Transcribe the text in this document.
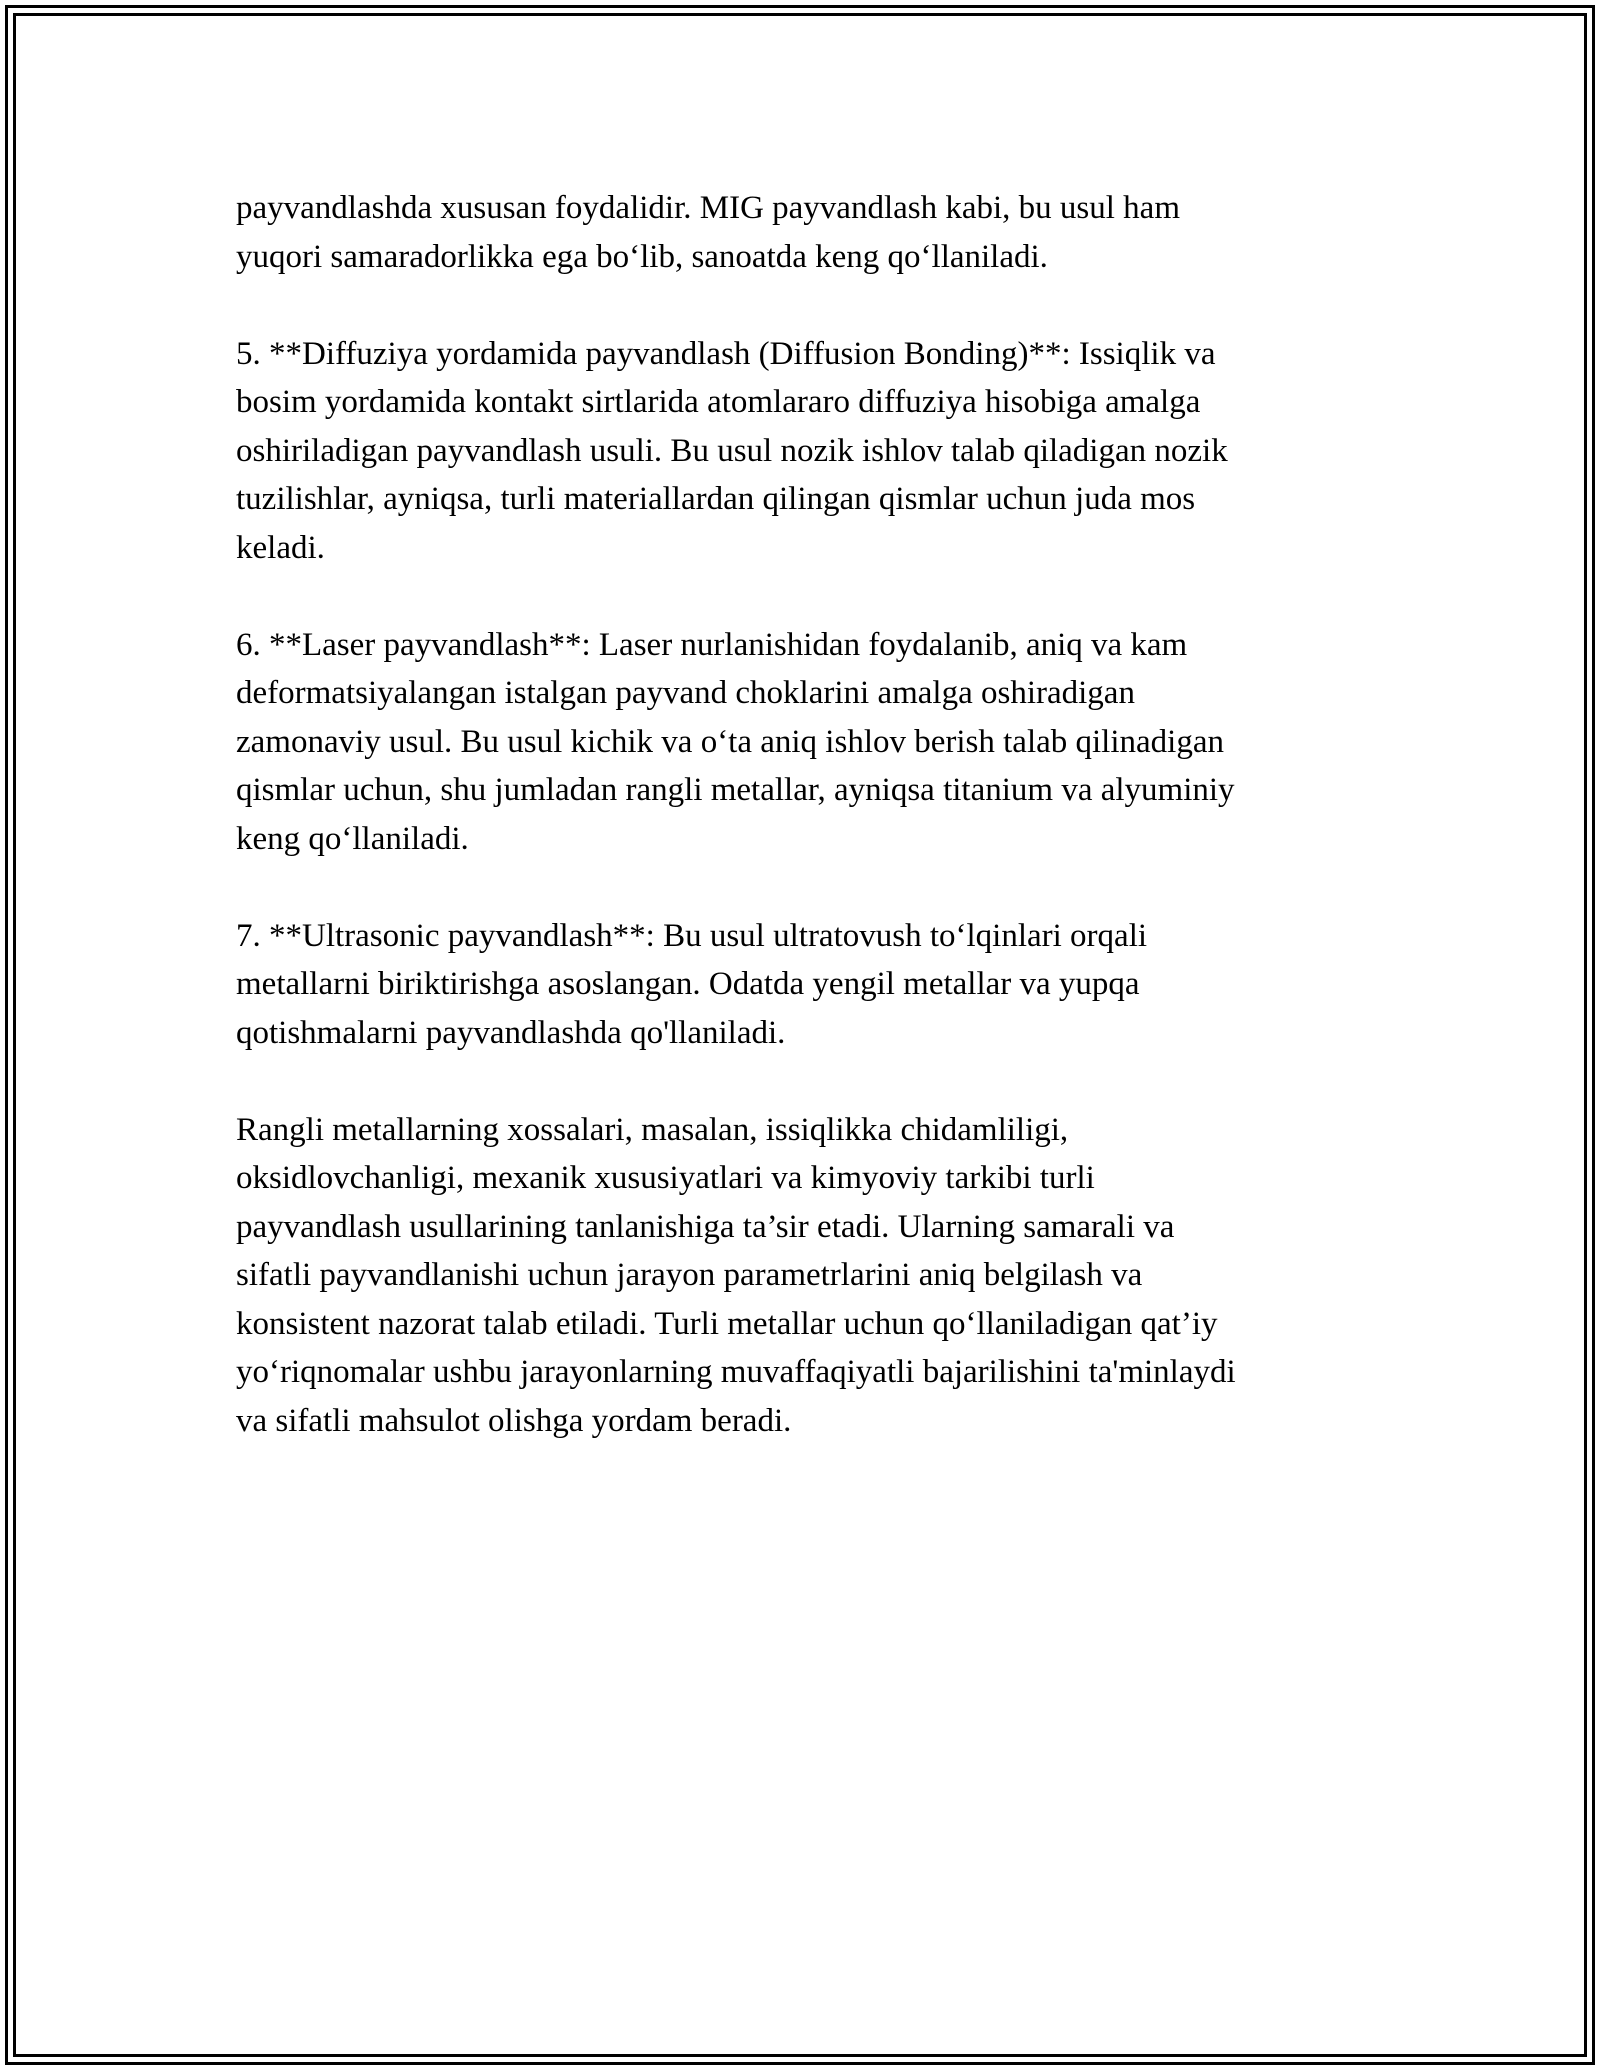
payvandlashda xususan foydalidir. MIG payvandlash kabi, bu usul ham
yuqori samaradorlikka ega bo‘lib, sanoatda keng qo‘llaniladi.

5. **Diffuziya yordamida payvandlash (Diffusion Bonding)**: Issiqlik va
bosim yordamida kontakt sirtlarida atomlararo diffuziya hisobiga amalga
oshiriladigan payvandlash usuli. Bu usul nozik ishlov talab qiladigan nozik
tuzilishlar, ayniqsa, turli materiallardan qilingan qismlar uchun juda mos
keladi.

6. **Laser payvandlash**: Laser nurlanishidan foydalanib, aniq va kam
deformatsiyalangan istalgan payvand choklarini amalga oshiradigan
zamonaviy usul. Bu usul kichik va o‘ta aniq ishlov berish talab qilinadigan
qismlar uchun, shu jumladan rangli metallar, ayniqsa titanium va alyuminiy
keng qo‘llaniladi.

7. **Ultrasonic payvandlash**: Bu usul ultratovush to‘lqinlari orqali
metallarni biriktirishga asoslangan. Odatda yengil metallar va yupqa
qotishmalarni payvandlashda qo'llaniladi.

Rangli metallarning xossalari, masalan, issiqlikka chidamliligi,
oksidlovchanligi, mexanik xususiyatlari va kimyoviy tarkibi turli
payvandlash usullarining tanlanishiga ta’sir etadi. Ularning samarali va
sifatli payvandlanishi uchun jarayon parametrlarini aniq belgilash va
konsistent nazorat talab etiladi. Turli metallar uchun qo‘llaniladigan qat’iy
yo‘riqnomalar ushbu jarayonlarning muvaffaqiyatli bajarilishini ta'minlaydi
va sifatli mahsulot olishga yordam beradi.
